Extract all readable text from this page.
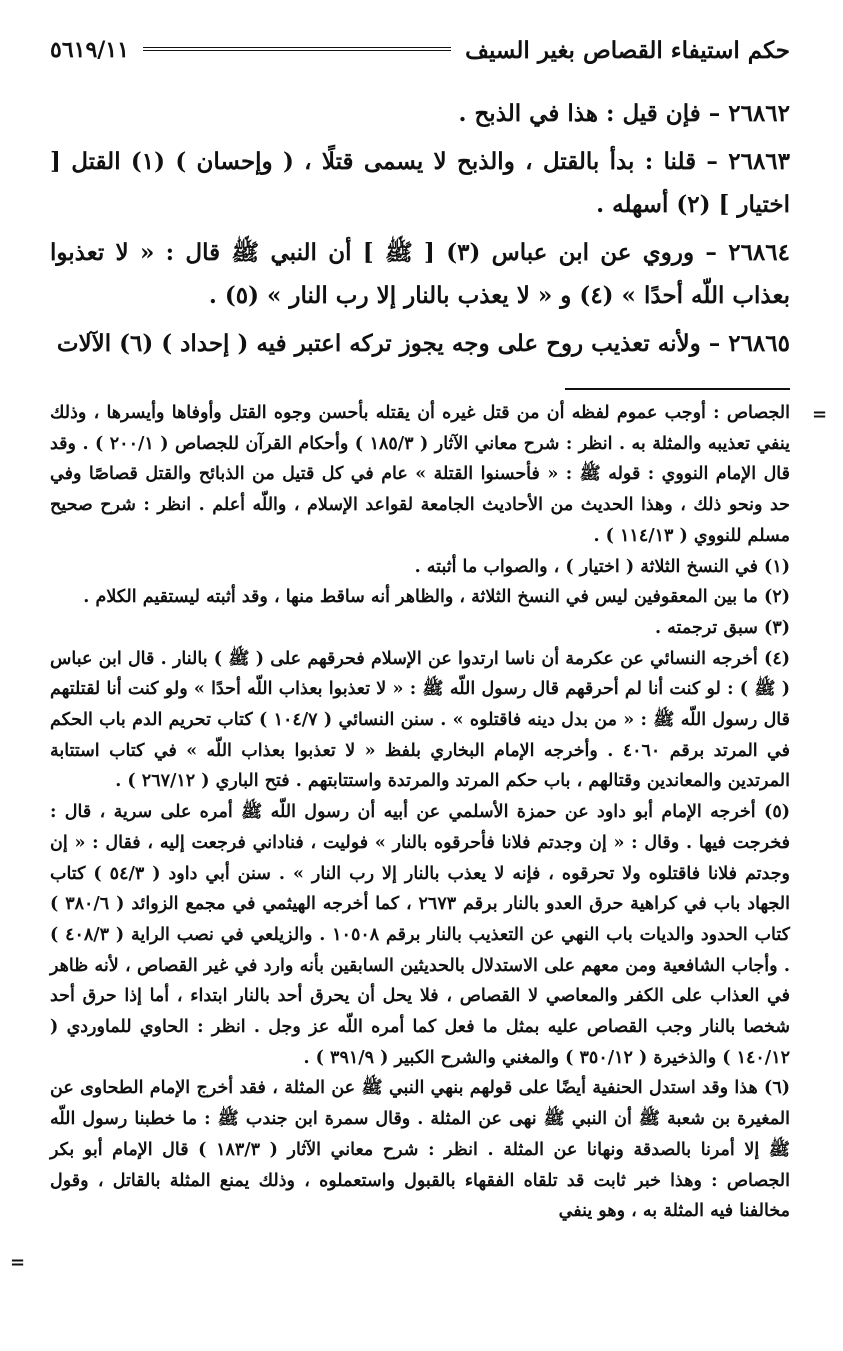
حكم استيفاء القصاص بغير السيف
٥٦١٩/١١

٢٦٨٦٢ – فإن قيل : هذا في الذبح .

٢٦٨٦٣ – قلنا : بدأ بالقتل ، والذبح لا يسمى قتلًا ، ( وإحسان ) (١) القتل [ اختيار ] (٢) أسهله .

٢٦٨٦٤ – وروي عن ابن عباس (٣) [ ﷺ ] أن النبي ﷺ قال : « لا تعذبوا بعذاب اللّه أحدًا » (٤) و « لا يعذب بالنار إلا رب النار » (٥) .

٢٦٨٦٥ – ولأنه تعذيب روح على وجه يجوز تركه اعتبر فيه ( إحداد ) (٦) الآلات

=

الجصاص : أوجب عموم لفظه أن من قتل غيره أن يقتله بأحسن وجوه القتل وأوفاها وأيسرها ، وذلك ينفي تعذيبه والمثلة به . انظر : شرح معاني الآثار ( ١٨٥/٣ ) وأحكام القرآن للجصاص ( ٢٠٠/١ ) . وقد قال الإمام النووي : قوله ﷺ : « فأحسنوا القتلة » عام في كل قتيل من الذبائح والقتل قصاصًا وفي حد ونحو ذلك ، وهذا الحديث من الأحاديث الجامعة لقواعد الإسلام ، واللّه أعلم . انظر : شرح صحيح مسلم للنووي ( ١١٤/١٣ ) .

(١) في النسخ الثلاثة ( اختيار ) ، والصواب ما أثبته .

(٢) ما بين المعقوفين ليس في النسخ الثلاثة ، والظاهر أنه ساقط منها ، وقد أثبته ليستقيم الكلام .

(٣) سبق ترجمته .

(٤) أخرجه النسائي عن عكرمة أن ناسا ارتدوا عن الإسلام فحرقهم على ( ﷺ ) بالنار . قال ابن عباس ( ﷺ ) : لو كنت أنا لم أحرقهم قال رسول اللّه ﷺ : « لا تعذبوا بعذاب اللّه أحدًا » ولو كنت أنا لقتلتهم قال رسول اللّه ﷺ : « من بدل دينه فاقتلوه » . سنن النسائي ( ١٠٤/٧ ) كتاب تحريم الدم باب الحكم في المرتد برقم ٤٠٦٠ . وأخرجه الإمام البخاري بلفظ « لا تعذبوا بعذاب اللّه » في كتاب استتابة المرتدين والمعاندين وقتالهم ، باب حكم المرتد والمرتدة واستتابتهم . فتح الباري ( ٢٦٧/١٢ ) .

(٥) أخرجه الإمام أبو داود عن حمزة الأسلمي عن أبيه أن رسول اللّه ﷺ أمره على سرية ، قال : فخرجت فيها . وقال : « إن وجدتم فلانا فأحرقوه بالنار » فوليت ، فناداني فرجعت إليه ، فقال : « إن وجدتم فلانا فاقتلوه ولا تحرقوه ، فإنه لا يعذب بالنار إلا رب النار » . سنن أبي داود ( ٥٤/٣ ) كتاب الجهاد باب في كراهية حرق العدو بالنار برقم ٢٦٧٣ ، كما أخرجه الهيثمي في مجمع الزوائد ( ٣٨٠/٦ ) كتاب الحدود والديات باب النهي عن التعذيب بالنار برقم ١٠٥٠٨ . والزيلعي في نصب الراية ( ٤٠٨/٣ ) . وأجاب الشافعية ومن معهم على الاستدلال بالحديثين السابقين بأنه وارد في غير القصاص ، لأنه ظاهر في العذاب على الكفر والمعاصي لا القصاص ، فلا يحل أن يحرق أحد بالنار ابتداء ، أما إذا حرق أحد شخصا بالنار وجب القصاص عليه بمثل ما فعل كما أمره اللّه عز وجل . انظر : الحاوي للماوردي ( ١٤٠/١٢ ) والذخيرة ( ٣٥٠/١٢ ) والمغني والشرح الكبير ( ٣٩١/٩ ) .

(٦) هذا وقد استدل الحنفية أيضًا على قولهم بنهي النبي ﷺ عن المثلة ، فقد أخرج الإمام الطحاوى عن المغيرة بن شعبة ﷺ أن النبي ﷺ نهى عن المثلة . وقال سمرة ابن جندب ﷺ : ما خطبنا رسول اللّه ﷺ إلا أمرنا بالصدقة ونهانا عن المثلة . انظر : شرح معاني الآثار ( ١٨٣/٣ ) قال الإمام أبو بكر الجصاص : وهذا خبر ثابت قد تلقاه الفقهاء بالقبول واستعملوه ، وذلك يمنع المثلة بالقاتل ، وقول مخالفنا فيه المثلة به ، وهو ينفي

=
